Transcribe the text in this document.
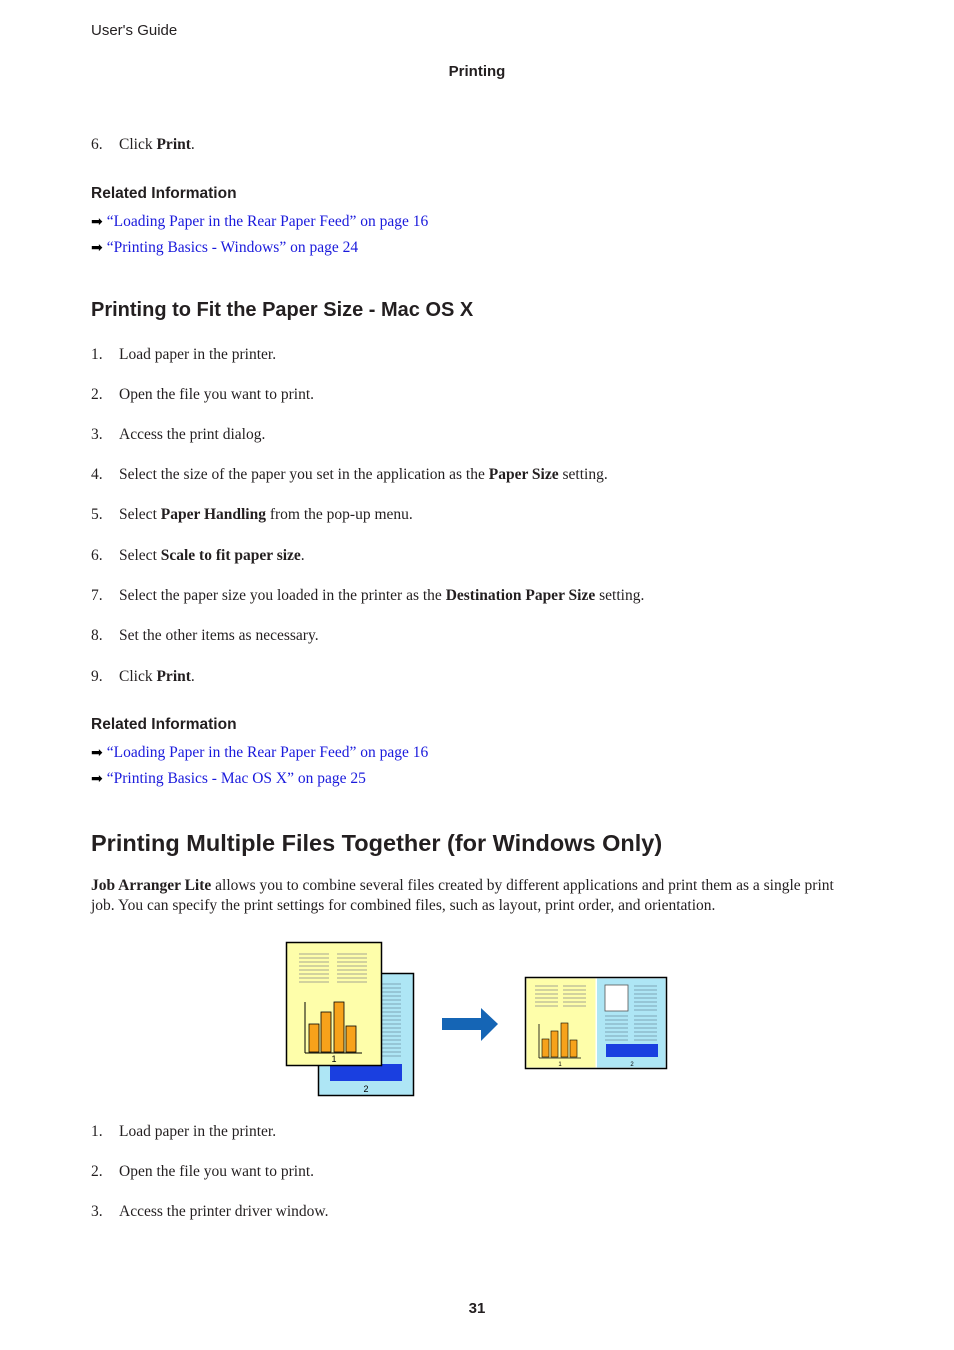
User's Guide
Printing
6. Click Print.
Related Information
➡ “Loading Paper in the Rear Paper Feed” on page 16
➡ “Printing Basics - Windows” on page 24
Printing to Fit the Paper Size - Mac OS X
1. Load paper in the printer.
2. Open the file you want to print.
3. Access the print dialog.
4. Select the size of the paper you set in the application as the Paper Size setting.
5. Select Paper Handling from the pop-up menu.
6. Select Scale to fit paper size.
7. Select the paper size you loaded in the printer as the Destination Paper Size setting.
8. Set the other items as necessary.
9. Click Print.
Related Information
➡ “Loading Paper in the Rear Paper Feed” on page 16
➡ “Printing Basics - Mac OS X” on page 25
Printing Multiple Files Together (for Windows Only)
Job Arranger Lite allows you to combine several files created by different applications and print them as a single print job. You can specify the print settings for combined files, such as layout, print order, and orientation.
2
1
1	2
1. Load paper in the printer.
2. Open the file you want to print.
3. Access the printer driver window.
31
